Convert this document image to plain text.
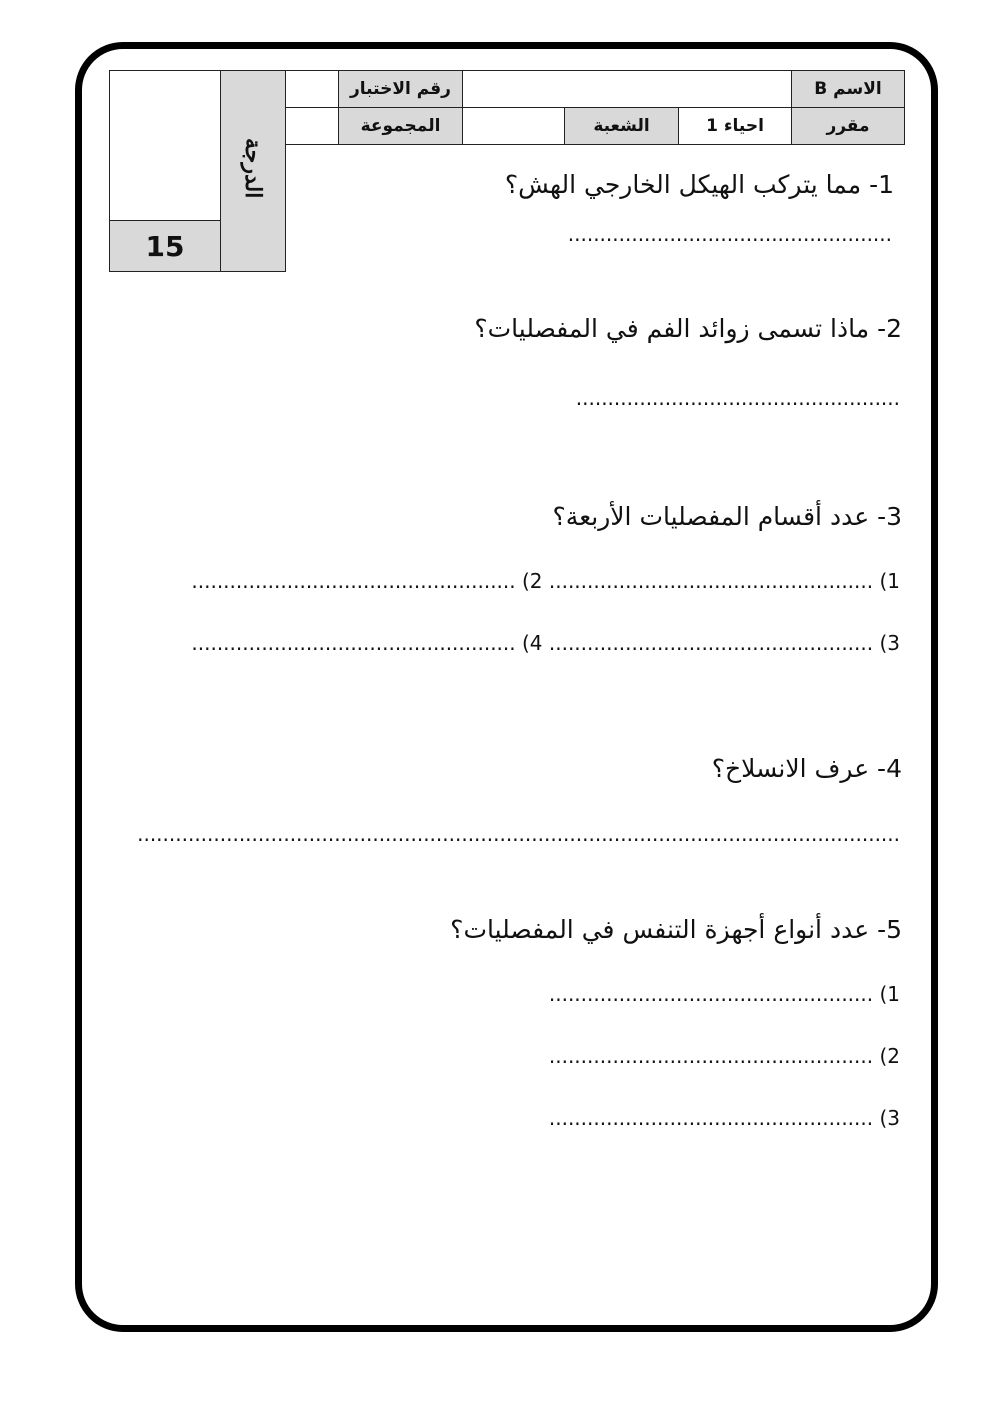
	الدرجة
15
	رقم الاختبار				B الاسم
	المجموعة		الشعبة	احياء 1	مقرر
1- مما يتركب الهيكل الخارجي الهش؟
...................................................
2- ماذا تسمى زوائد الفم في المفصليات؟
...................................................
3- عدد أقسام المفصليات الأربعة؟
1) ................................................... 2) ...................................................
3) ................................................... 4) ...................................................
4- عرف الانسلاخ؟
........................................................................................................................
5- عدد أنواع أجهزة التنفس في المفصليات؟
1) ...................................................
2) ...................................................
3) ...................................................
